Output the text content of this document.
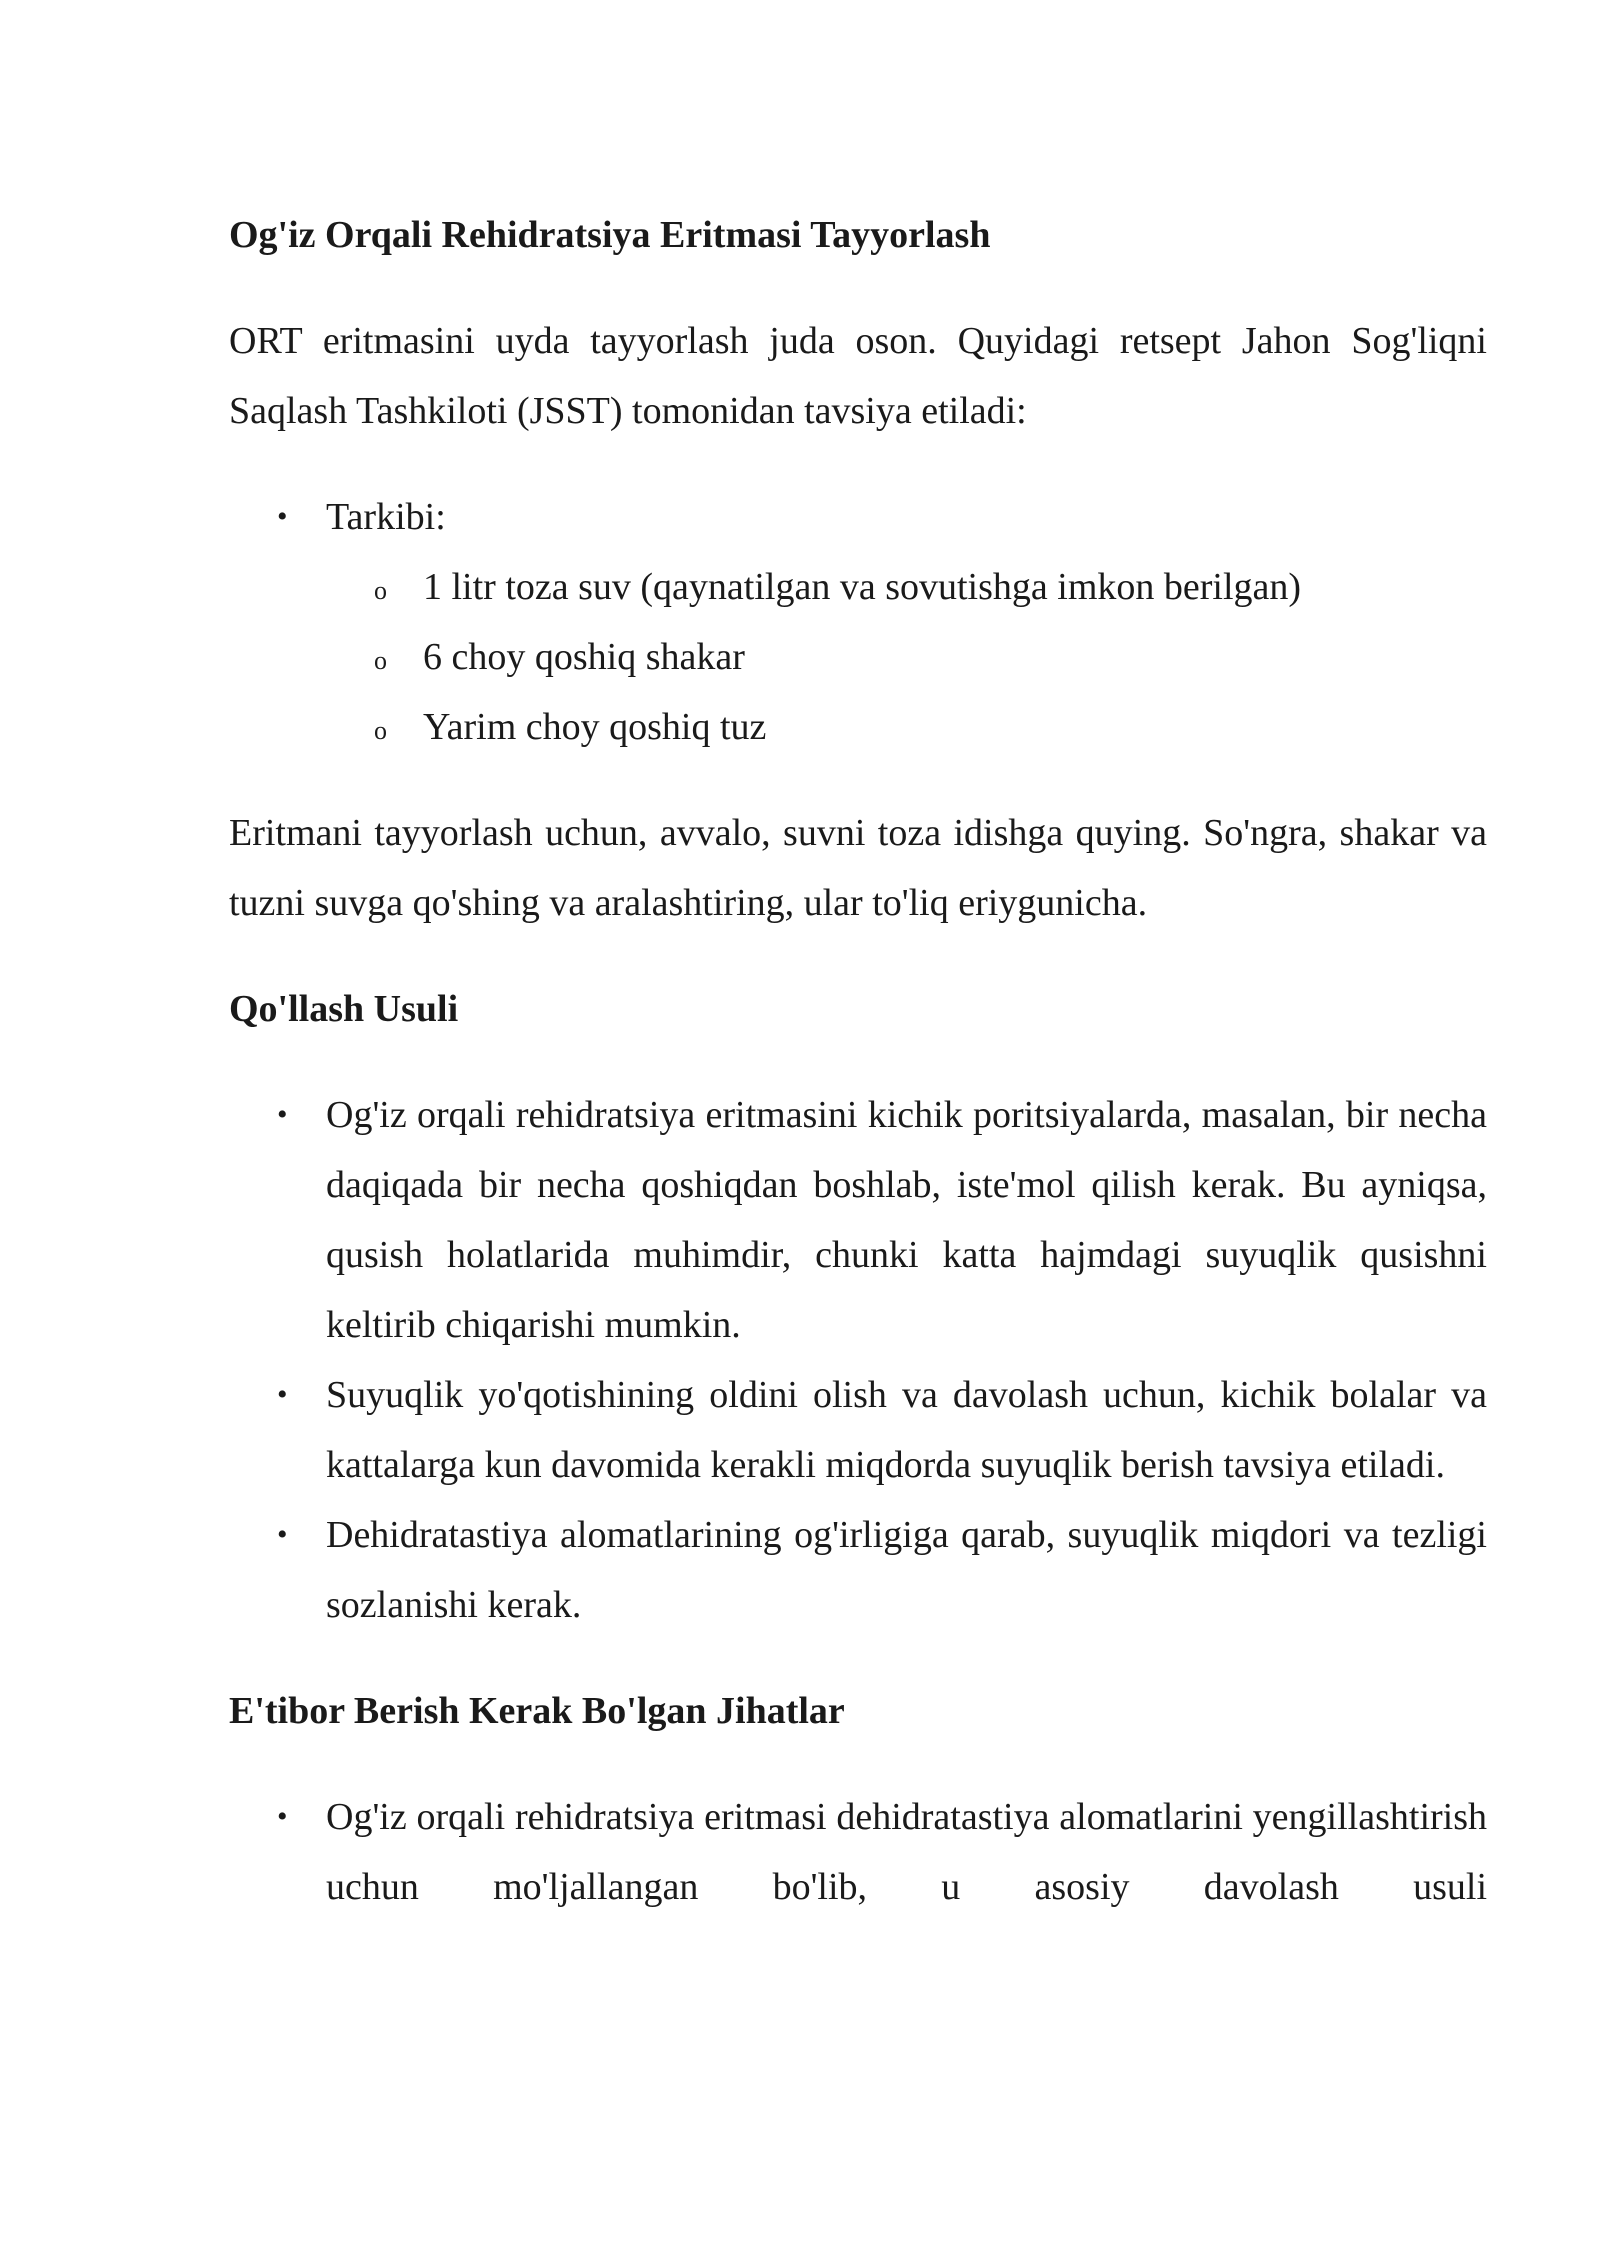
Og'iz Orqali Rehidratsiya Eritmasi Tayyorlash

ORT eritmasini uyda tayyorlash juda oson. Quyidagi retsept Jahon Sog'liqni Saqlash Tashkiloti (JSST) tomonidan tavsiya etiladi:

• Tarkibi:
o 1 litr toza suv (qaynatilgan va sovutishga imkon berilgan)
o 6 choy qoshiq shakar
o Yarim choy qoshiq tuz

Eritmani tayyorlash uchun, avvalo, suvni toza idishga quying. So'ngra, shakar va tuzni suvga qo'shing va aralashtiring, ular to'liq eriygunicha.

Qo'llash Usuli
• Og'iz orqali rehidratsiya eritmasini kichik poritsiyalarda, masalan, bir necha daqiqada bir necha qoshiqdan boshlab, iste'mol qilish kerak. Bu ayniqsa, qusish holatlarida muhimdir, chunki katta hajmdagi suyuqlik qusishni keltirib chiqarishi mumkin.
• Suyuqlik yo'qotishining oldini olish va davolash uchun, kichik bolalar va kattalarga kun davomida kerakli miqdorda suyuqlik berish tavsiya etiladi.
• Dehidratastiya alomatlarining og'irligiga qarab, suyuqlik miqdori va tezligi sozlanishi kerak.
E'tibor Berish Kerak Bo'lgan Jihatlar
• Og'iz orqali rehidratsiya eritmasi dehidratastiya alomatlarini yengillashtirish uchun mo'ljallangan bo'lib, u asosiy davolash usuli
